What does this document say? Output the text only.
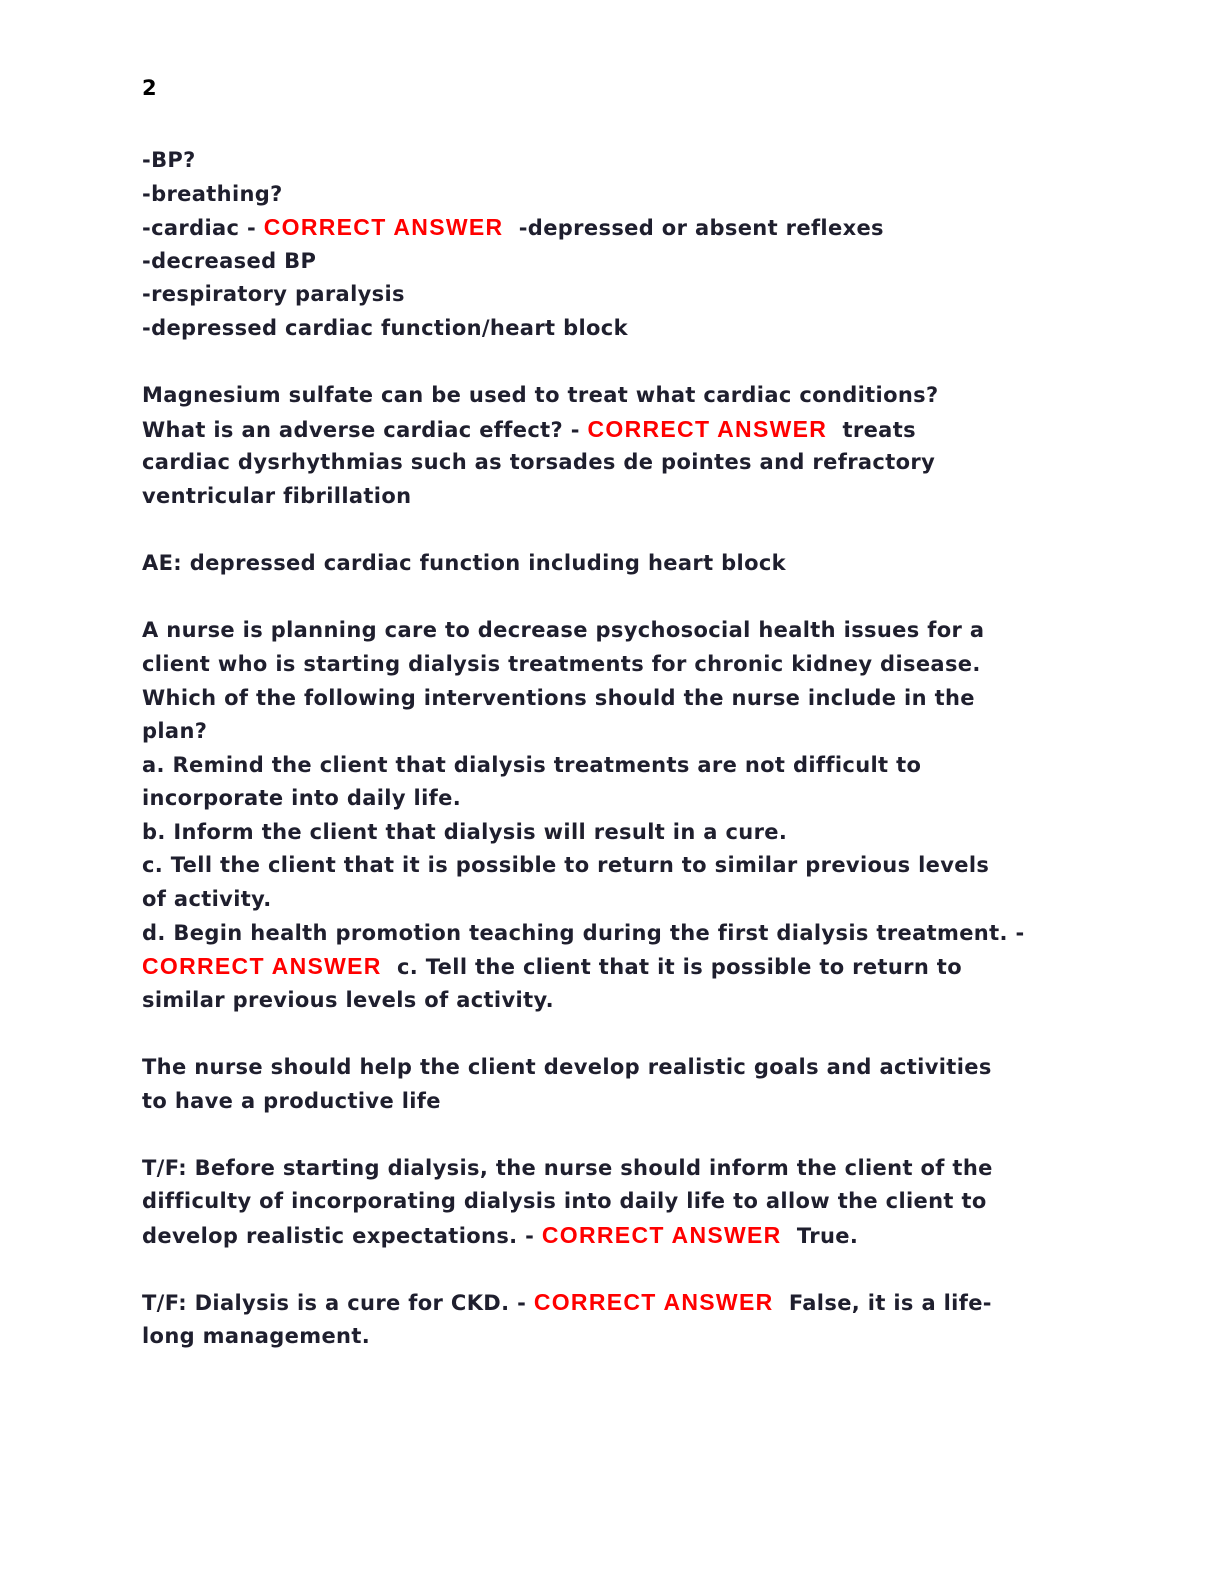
2
-BP?
-breathing?
-cardiac - CORRECT ANSWER  -depressed or absent reflexes
-decreased BP
-respiratory paralysis
-depressed cardiac function/heart block
Magnesium sulfate can be used to treat what cardiac conditions?
What is an adverse cardiac effect? - CORRECT ANSWER  treats
cardiac dysrhythmias such as torsades de pointes and refractory
ventricular fibrillation
AE: depressed cardiac function including heart block
A nurse is planning care to decrease psychosocial health issues for a
client who is starting dialysis treatments for chronic kidney disease.
Which of the following interventions should the nurse include in the
plan?
a. Remind the client that dialysis treatments are not difficult to
incorporate into daily life.
b. Inform the client that dialysis will result in a cure.
c. Tell the client that it is possible to return to similar previous levels
of activity.
d. Begin health promotion teaching during the first dialysis treatment. -
CORRECT ANSWER  c. Tell the client that it is possible to return to
similar previous levels of activity.
The nurse should help the client develop realistic goals and activities
to have a productive life
T/F: Before starting dialysis, the nurse should inform the client of the
difficulty of incorporating dialysis into daily life to allow the client to
develop realistic expectations. - CORRECT ANSWER  True.
T/F: Dialysis is a cure for CKD. - CORRECT ANSWER  False, it is a life-
long management.
